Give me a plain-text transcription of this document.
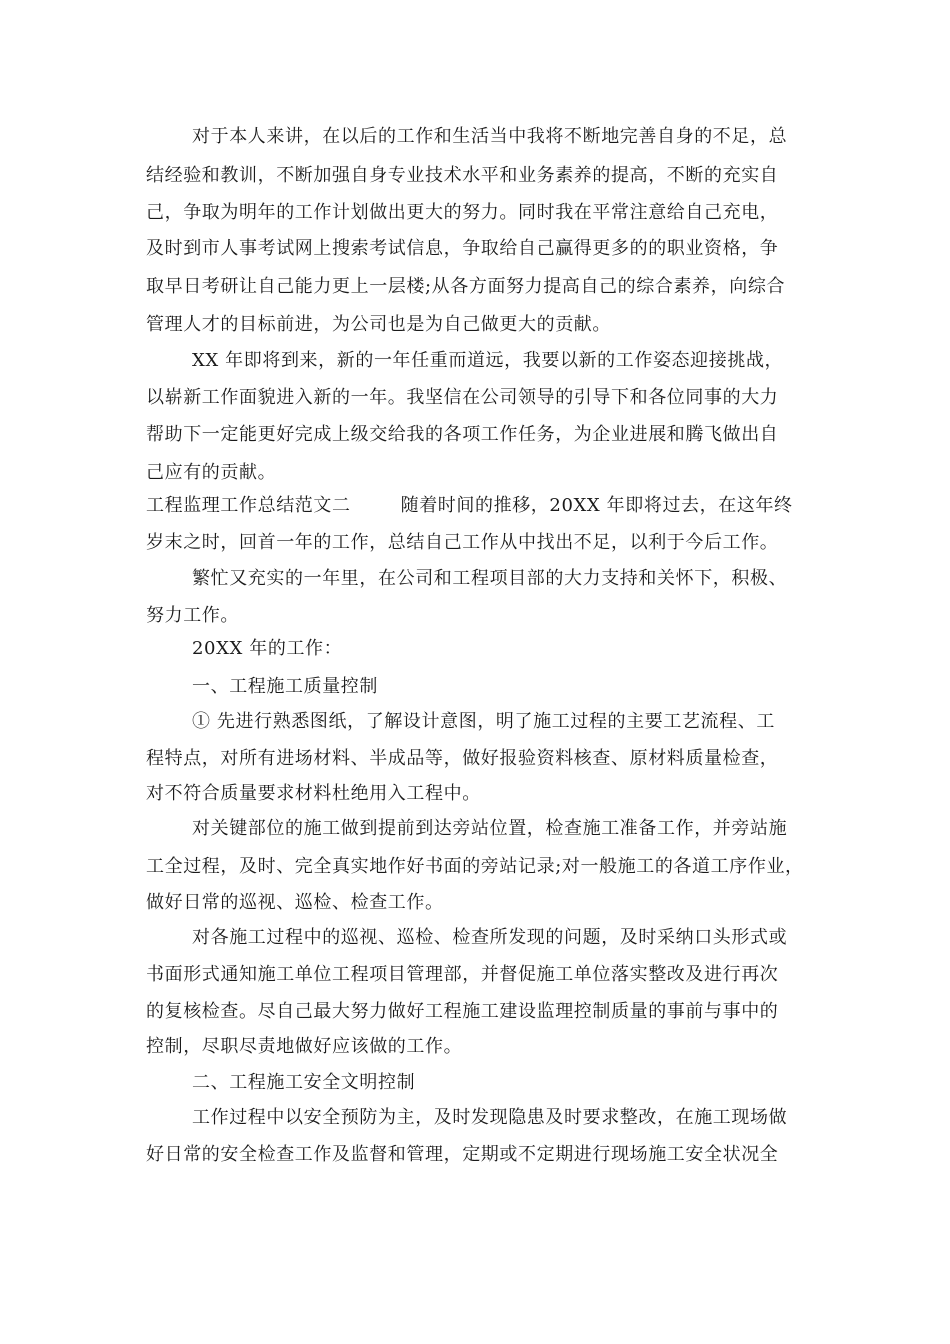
对于本人来讲，在以后的工作和生活当中我将不断地完善自身的不足，总
结经验和教训，不断加强自身专业技术水平和业务素养的提高，不断的充实自
己，争取为明年的工作计划做出更大的努力。同时我在平常注意给自己充电，
及时到市人事考试网上搜索考试信息，争取给自己赢得更多的的职业资格，争
取早日考研让自己能力更上一层楼;从各方面努力提高自己的综合素养，向综合
管理人才的目标前进，为公司也是为自己做更大的贡献。
XX 年即将到来，新的一年任重而道远，我要以新的工作姿态迎接挑战，
以崭新工作面貌进入新的一年。我坚信在公司领导的引导下和各位同事的大力
帮助下一定能更好完成上级交给我的各项工作任务，为企业进展和腾飞做出自
己应有的贡献。
工程监理工作总结范文二	随着时间的推移，20XX 年即将过去，在这年终
岁末之时，回首一年的工作，总结自己工作从中找出不足，以利于今后工作。
繁忙又充实的一年里，在公司和工程项目部的大力支持和关怀下，积极、
努力工作。
20XX 年的工作：
一、工程施工质量控制
① 先进行熟悉图纸，了解设计意图，明了施工过程的主要工艺流程、工
程特点，对所有进场材料、半成品等，做好报验资料核查、原材料质量检查，
对不符合质量要求材料杜绝用入工程中。
对关键部位的施工做到提前到达旁站位置，检查施工准备工作，并旁站施
工全过程，及时、完全真实地作好书面的旁站记录;对一般施工的各道工序作业，
做好日常的巡视、巡检、检查工作。
对各施工过程中的巡视、巡检、检查所发现的问题，及时采纳口头形式或
书面形式通知施工单位工程项目管理部，并督促施工单位落实整改及进行再次
的复核检查。尽自己最大努力做好工程施工建设监理控制质量的事前与事中的
控制，尽职尽责地做好应该做的工作。
二、工程施工安全文明控制
工作过程中以安全预防为主，及时发现隐患及时要求整改，在施工现场做
好日常的安全检查工作及监督和管理，定期或不定期进行现场施工安全状况全
